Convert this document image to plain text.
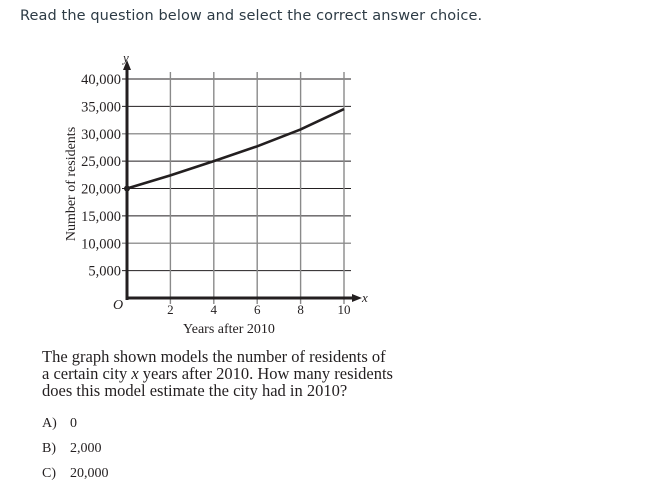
Read the question below and select the correct answer choice.
5,000
10,000
15,000
20,000
25,000
30,000
35,000
40,000
2	4	6	8	10
y
x
O
Years after 2010
Number of residents
The graph shown models the number of residents of
a certain city x years after 2010. How many residents
does this model estimate the city had in 2010?
A) 0
B)	2,000
C)	20,000
